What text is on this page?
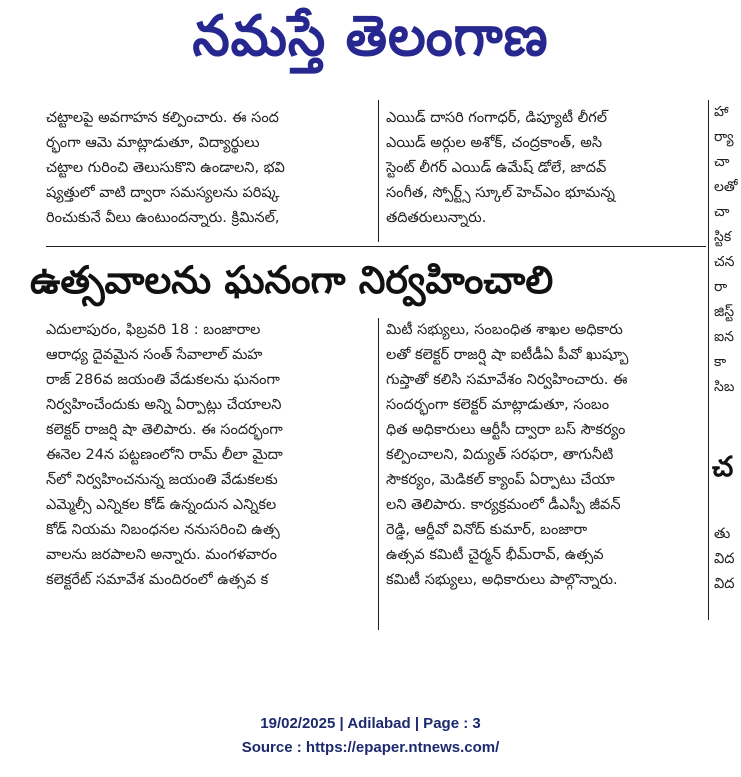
నమస్తే తెలంగాణ

చట్టాలపై అవగాహన కల్పించారు. ఈ సంద

ర్భంగా ఆమె మాట్లాడుతూ, విద్యార్థులు

చట్టాల గురించి తెలుసుకొని ఉండాలని, భవి

ష్యత్తులో వాటి ద్వారా సమస్యలను పరిష్క

రించుకునే వీలు ఉంటుందన్నారు. క్రిమినల్,

ఎయిడ్ దాసరి గంగాధర్, డిప్యూటీ లీగల్

ఎయిడ్ అర్గుల అశోక్, చంద్రకాంత్, అసి

స్టెంట్ లీగర్ ఎయిడ్ ఉమేష్ డోలే, జాదవ్

సంగీత, స్పోర్ట్స్ స్కూల్ హెచ్ఎం భూమన్న

తదితరులున్నారు.

ఉత్సవాలను ఘనంగా నిర్వహించాలి

ఎదులాపురం, ఫిబ్రవరి 18 : బంజారాల

ఆరాధ్య దైవమైన సంత్ సేవాలాల్ మహ

రాజ్ 286వ జయంతి వేడుకలను ఘనంగా

నిర్వహించేందుకు అన్ని ఏర్పాట్లు చేయాలని

కలెక్టర్ రాజర్షి షా తెలిపారు. ఈ సందర్భంగా

ఈనెల 24న పట్టణంలోని రామ్ లీలా మైదా

న్‌లో నిర్వహించనున్న జయంతి వేడుకలకు

ఎమ్మెల్సీ ఎన్నికల కోడ్ ఉన్నందున ఎన్నికల

కోడ్ నియమ నిబంధనల ననుసరించి ఉత్స

వాలను జరపాలని అన్నారు. మంగళవారం

కలెక్టరేట్ సమావేశ మందిరంలో ఉత్సవ క

మిటీ సభ్యులు, సంబంధిత శాఖల అధికారు

లతో కలెక్టర్ రాజర్షి షా ఐటీడీఏ పీవో ఖుష్బూ

గుప్తాతో కలిసి సమావేశం నిర్వహించారు. ఈ

సందర్భంగా కలెక్టర్ మాట్లాడుతూ, సంబం

ధిత అధికారులు ఆర్టీసీ ద్వారా బస్ సౌకర్యం

కల్పించాలని, విద్యుత్ సరఫరా, తాగునీటి

సౌకర్యం, మెడికల్ క్యాంప్ ఏర్పాటు చేయా

లని తెలిపారు. కార్యక్రమంలో డీఎస్పీ జీవన్

రెడ్డి, ఆర్డీవో వినోద్ కుమార్, బంజారా

ఉత్సవ కమిటీ చైర్మన్ భీమ్‌రావ్, ఉత్సవ

కమిటీ సభ్యులు, అధికారులు పాల్గొన్నారు.

హా

ర్యా

చా

లతో

చా

స్టిక

చన

రా

జిస్ట్

ఐన

కా

సిబ

చ

తు

విద

విద

19/02/2025 | Adilabad | Page : 3
Source : https://epaper.ntnews.com/
